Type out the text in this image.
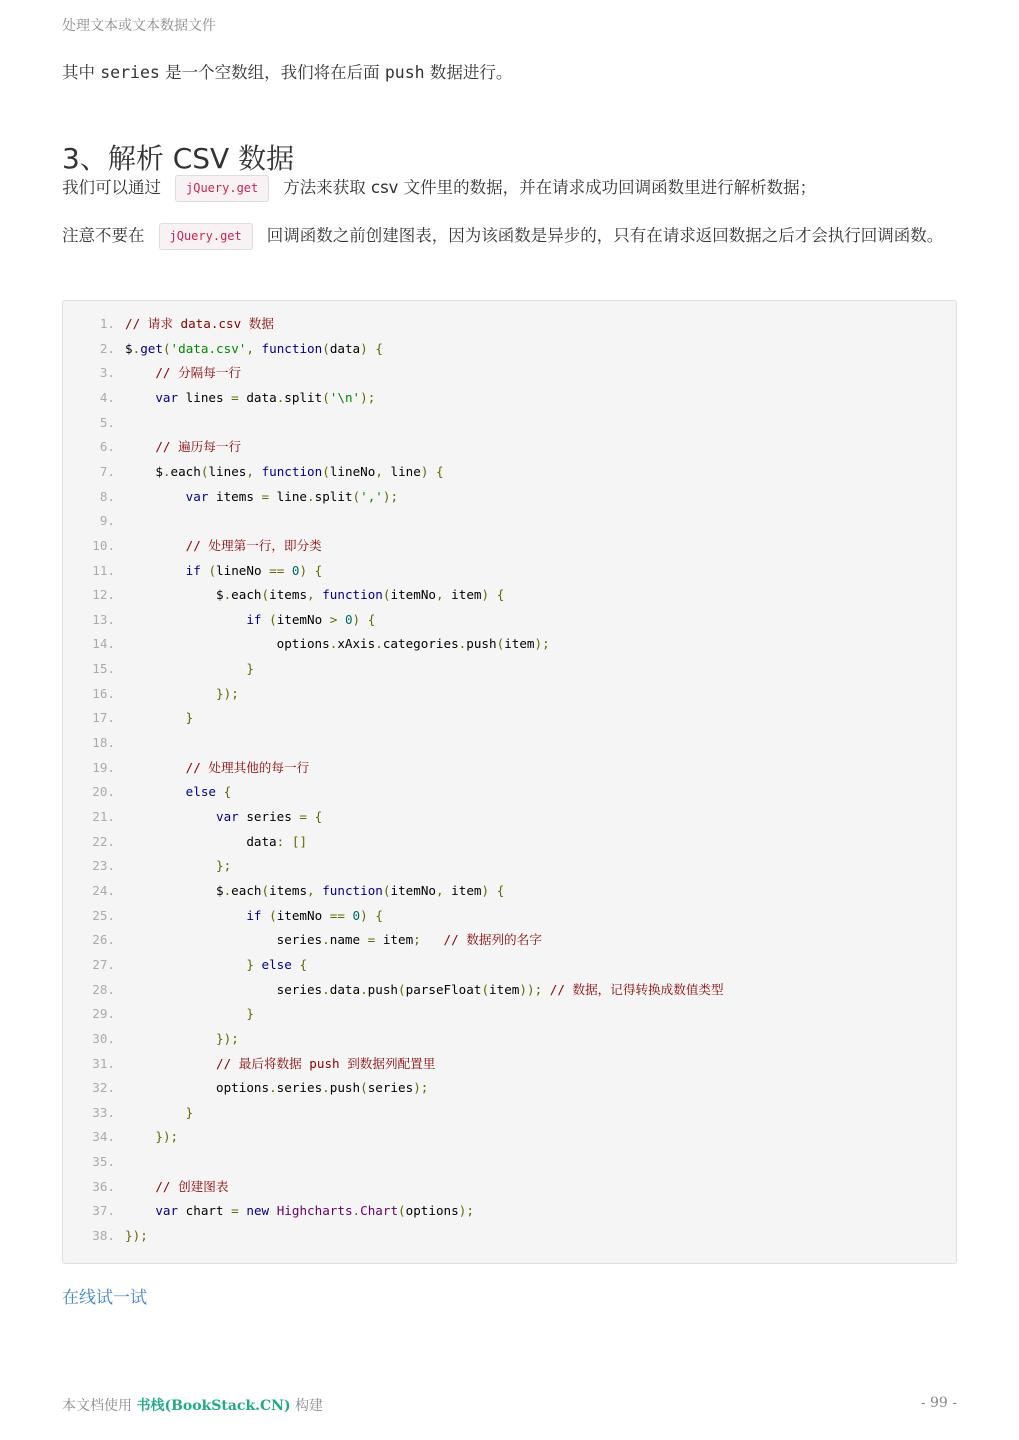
处理文本或文本数据文件
其中 series 是一个空数组，我们将在后面 push 数据进行。
3、解析 CSV 数据
我们可以通过 jQuery.get 方法来获取 csv 文件里的数据，并在请求成功回调函数里进行解析数据；
注意不要在 jQuery.get 回调函数之前创建图表，因为该函数是异步的，只有在请求返回数据之后才会执行回调函数。
1. // 请求 data.csv 数据
2. $.get('data.csv', function(data) {
3.	// 分隔每一行
4.	var lines = data.split('\n');
5.
6.	// 遍历每一行
7.    $.each(lines, function(lineNo, line) {
8.	var items = line.split(',');
9.
10.	// 处理第一行，即分类
11.	if (lineNo == 0) {
12.            $.each(items, function(itemNo, item) {
13.	if (itemNo > 0) {
14.                    options.xAxis.categories.push(item);
15.	}
16.	});
17.	}
18.
19.	// 处理其他的每一行
20.	else {
21.	var series = {
22.                data: []
23.	};
24.            $.each(items, function(itemNo, item) {
25.	if (itemNo == 0) {
26.                    series.name = item; // 数据列的名字
27.	} else {
28.                    series.data.push(parseFloat(item)); // 数据，记得转换成数值类型
29.	}
30.	});
31.	// 最后将数据 push 到数据列配置里
32.            options.series.push(series);
33.	}
34.	});
35.
36.	// 创建图表
37.	var chart = new Highcharts.Chart(options);
38. });
在线试一试
本文档使用 书栈(BookStack.CN) 构建	- 99 -
